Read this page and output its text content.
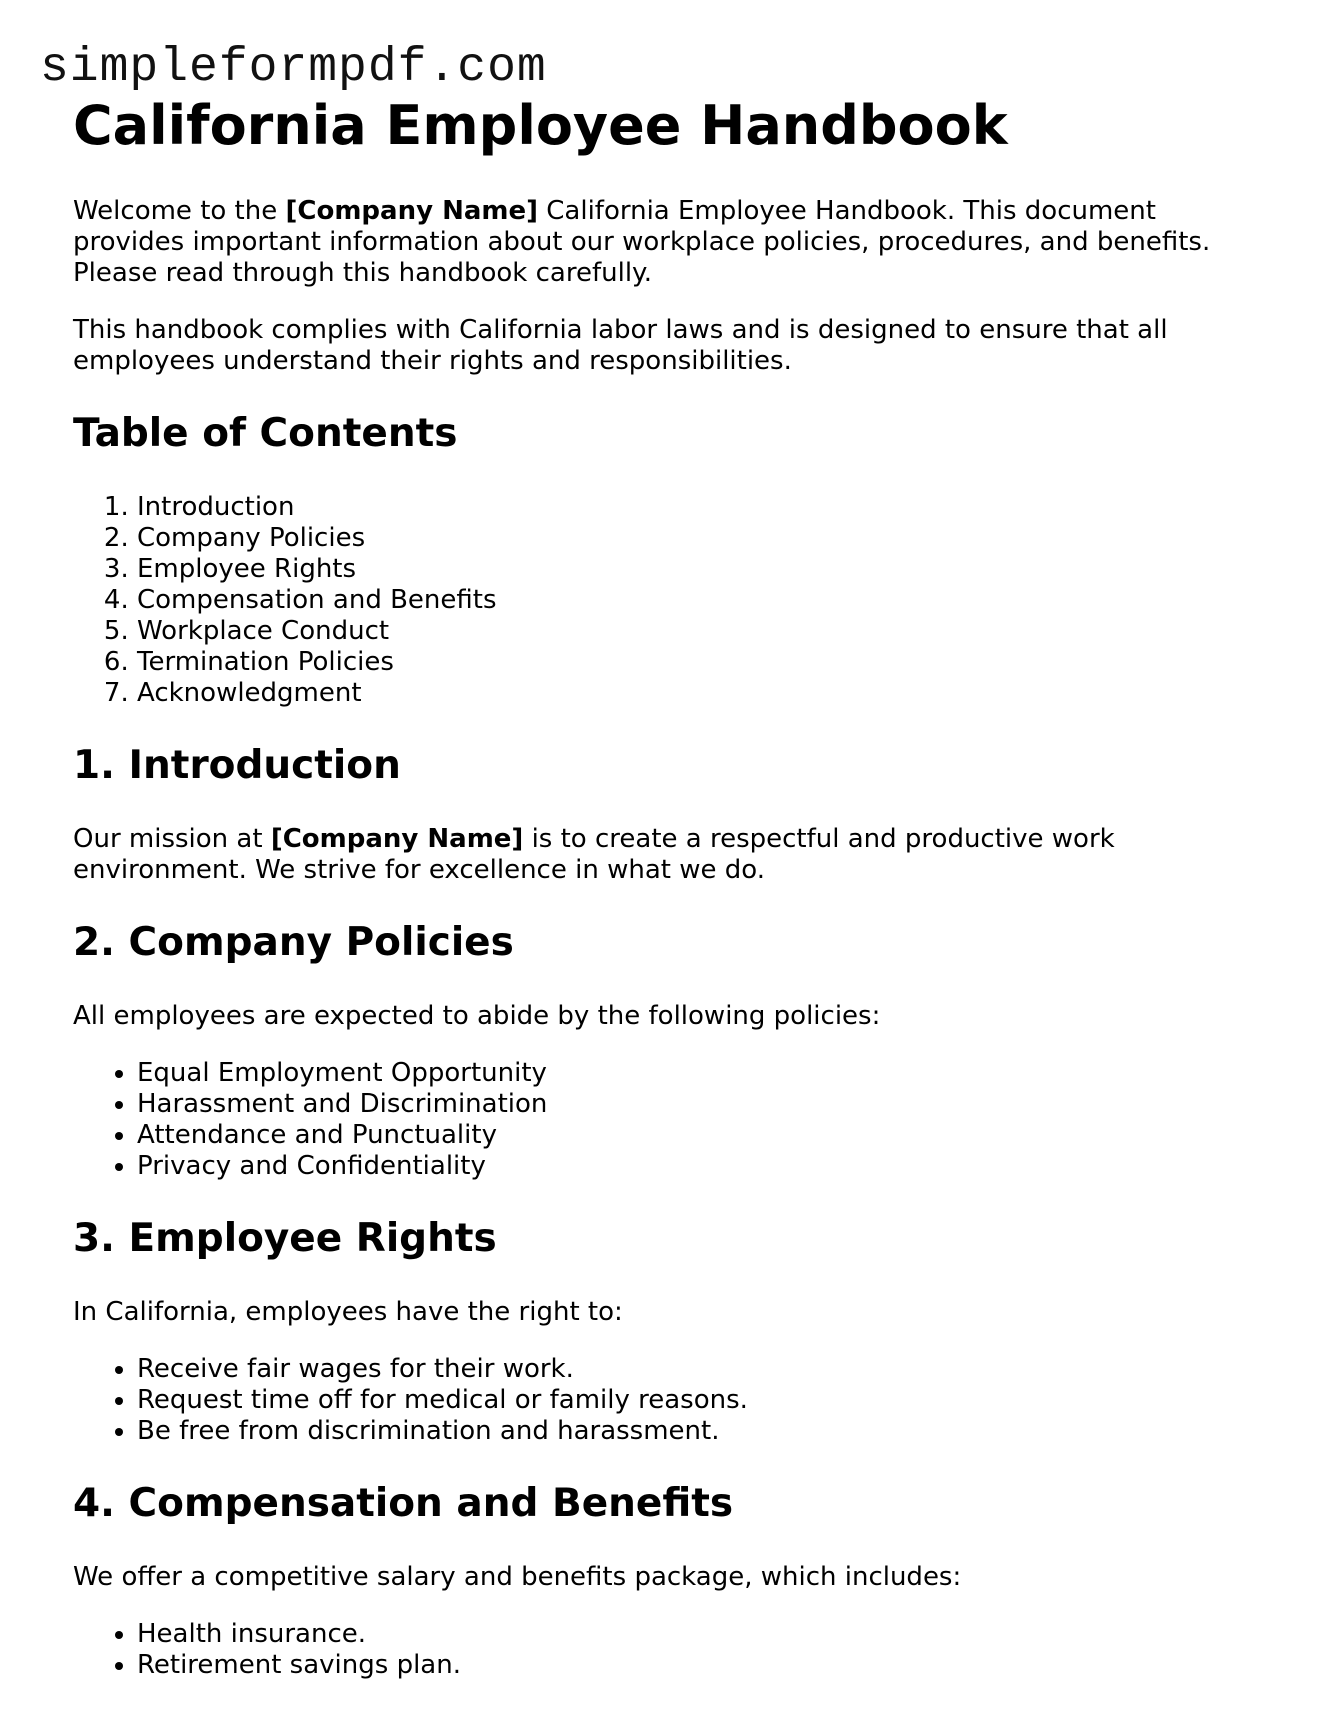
simpleformpdf.com
California Employee Handbook

Welcome to the [Company Name] California Employee Handbook. This document provides important information about our workplace policies, procedures, and benefits. Please read through this handbook carefully.

This handbook complies with California labor laws and is designed to ensure that all employees understand their rights and responsibilities.

Table of Contents
1. Introduction
2. Company Policies
3. Employee Rights
4. Compensation and Benefits
5. Workplace Conduct
6. Termination Policies
7. Acknowledgment
1. Introduction

Our mission at [Company Name] is to create a respectful and productive work environment. We strive for excellence in what we do.

2. Company Policies

All employees are expected to abide by the following policies:

• Equal Employment Opportunity
• Harassment and Discrimination
• Attendance and Punctuality
• Privacy and Confidentiality
3. Employee Rights

In California, employees have the right to:

• Receive fair wages for their work.
• Request time off for medical or family reasons.
• Be free from discrimination and harassment.
4. Compensation and Benefits

We offer a competitive salary and benefits package, which includes:

• Health insurance.
• Retirement savings plan.
